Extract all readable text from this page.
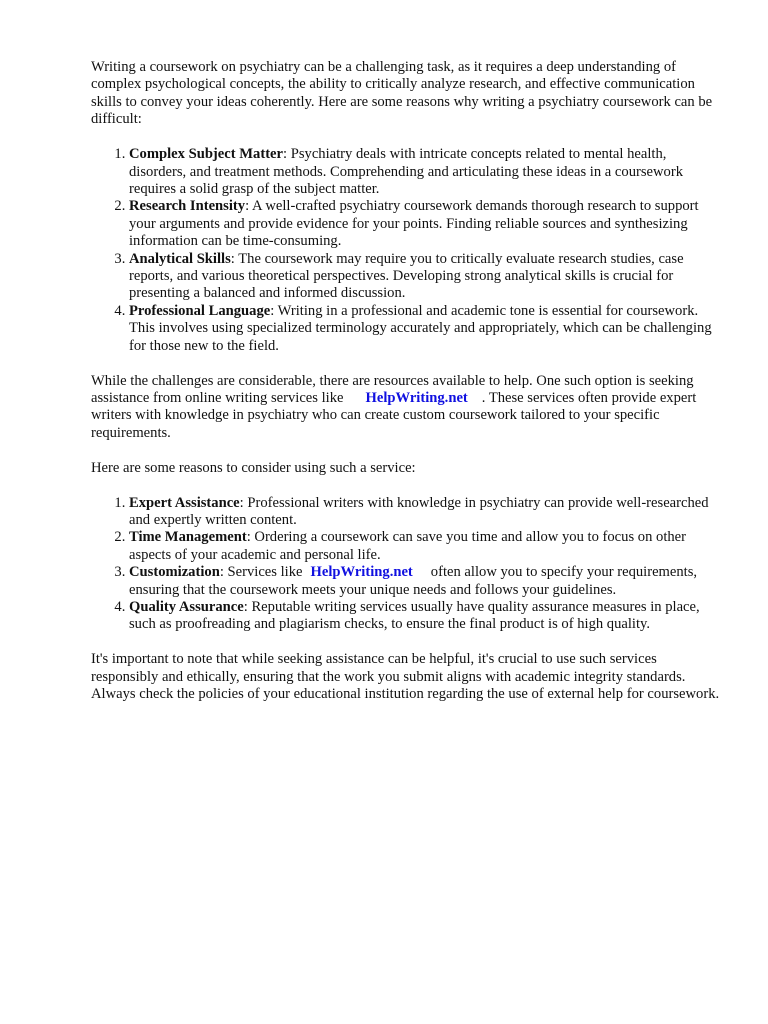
Writing a coursework on psychiatry can be a challenging task, as it requires a deep understanding of complex psychological concepts, the ability to critically analyze research, and effective communication skills to convey your ideas coherently. Here are some reasons why writing a psychiatry coursework can be difficult:

1. Complex Subject Matter: Psychiatry deals with intricate concepts related to mental health, disorders, and treatment methods. Comprehending and articulating these ideas in a coursework requires a solid grasp of the subject matter.
2. Research Intensity: A well-crafted psychiatry coursework demands thorough research to support your arguments and provide evidence for your points. Finding reliable sources and synthesizing information can be time-consuming.
3. Analytical Skills: The coursework may require you to critically evaluate research studies, case reports, and various theoretical perspectives. Developing strong analytical skills is crucial for presenting a balanced and informed discussion.
4. Professional Language: Writing in a professional and academic tone is essential for coursework. This involves using specialized terminology accurately and appropriately, which can be challenging for those new to the field.

While the challenges are considerable, there are resources available to help. One such option is seeking assistance from online writing services like HelpWriting.net . These services often provide expert writers with knowledge in psychiatry who can create custom coursework tailored to your specific requirements.

Here are some reasons to consider using such a service:

1. Expert Assistance: Professional writers with knowledge in psychiatry can provide well-researched and expertly written content.
2. Time Management: Ordering a coursework can save you time and allow you to focus on other aspects of your academic and personal life.
3. Customization: Services like HelpWriting.net often allow you to specify your requirements, ensuring that the coursework meets your unique needs and follows your guidelines.
4. Quality Assurance: Reputable writing services usually have quality assurance measures in place, such as proofreading and plagiarism checks, to ensure the final product is of high quality.

It's important to note that while seeking assistance can be helpful, it's crucial to use such services responsibly and ethically, ensuring that the work you submit aligns with academic integrity standards. Always check the policies of your educational institution regarding the use of external help for coursework.
